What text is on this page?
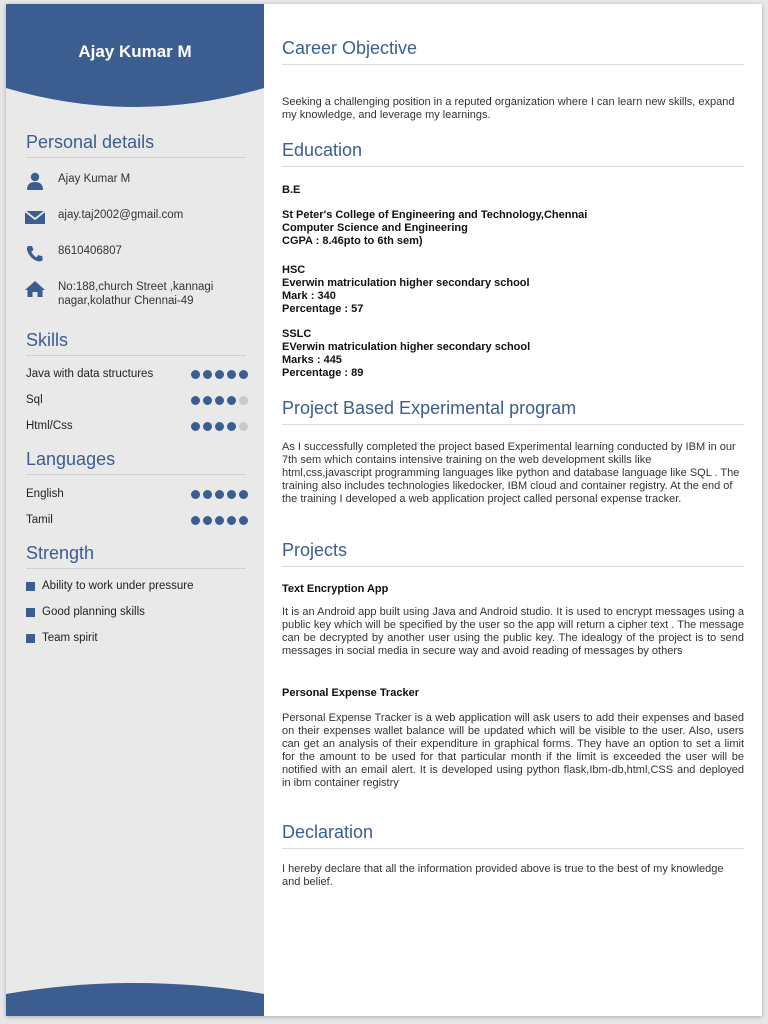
Ajay Kumar M
Personal details
Ajay Kumar M
ajay.taj2002@gmail.com
8610406807
No:188,church Street ,kannagi nagar,kolathur Chennai-49
Skills
Java with data structures
Sql
Html/Css
Languages
English
Tamil
Strength
Ability to work under pressure
Good planning skills
Team spirit
Career Objective
Seeking a challenging position in a reputed organization where I can learn new skills, expand my knowledge, and leverage my learnings.
Education
B.E
St Peter's College of Engineering and Technology,Chennai
Computer Science and Engineering
CGPA : 8.46pto to 6th sem)
HSC
Everwin matriculation higher secondary school
Mark : 340
Percentage : 57
SSLC
EVerwin matriculation higher secondary school
Marks : 445
Percentage : 89
Project Based Experimental program
As I successfully completed the project based Experimental learning conducted by IBM in our 7th sem which contains intensive training on the web development skills like html,css,javascript programming languages like python and database language like SQL . The training also includes technologies likedocker, IBM cloud and container registry. At the end of the training I developed a web application project called personal expense tracker.
Projects
Text Encryption App
It is an Android app built using Java and Android studio. It is used to encrypt messages using a public key which will be specified by the user so the app will return a cipher text . The message can be decrypted by another user using the public key. The idealogy of the project is to send messages in social media in secure way and avoid reading of messages by others
Personal Expense Tracker
Personal Expense Tracker is a web application will ask users to add their expenses and based on their expenses wallet balance will be updated which will be visible to the user. Also, users can get an analysis of their expenditure in graphical forms. They have an option to set a limit for the amount to be used for that particular month if the limit is exceeded the user will be notified with an email alert. It is developed using python flask,Ibm-db,html,CSS and deployed in ibm container registry
Declaration
I hereby declare that all the information provided above is true to the best of my knowledge and belief.
